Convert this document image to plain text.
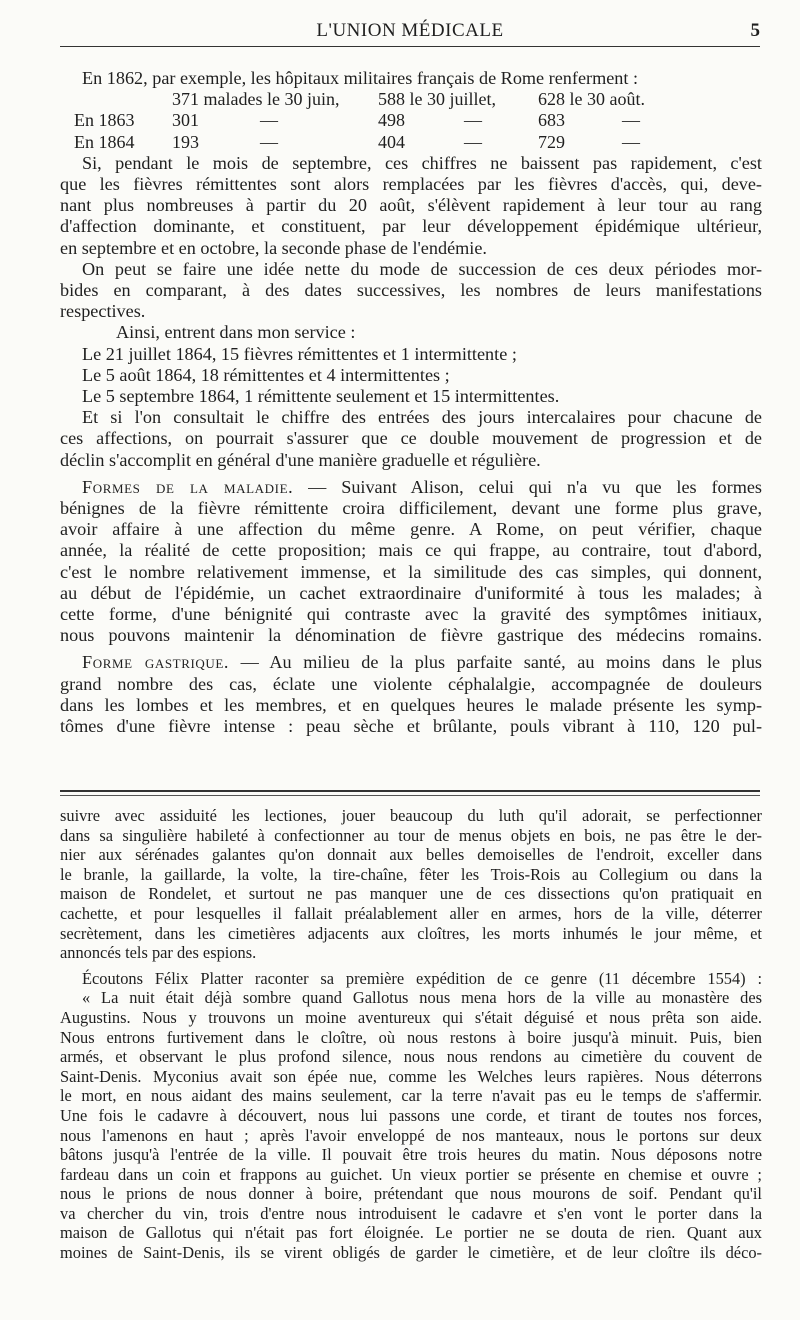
L'UNION MÉDICALE	5
En 1862, par exemple, les hôpitaux militaires français de Rome renferment :
371 malades le 30 juin, 588 le 30 juillet, 628 le 30 août.
En 1863 301	—	498	—	683	—
En 1864 193	—	404	—	729	—
Si, pendant le mois de septembre, ces chiffres ne baissent pas rapidement, c'est
que les fièvres rémittentes sont alors remplacées par les fièvres d'accès, qui, deve-
nant plus nombreuses à partir du 20 août, s'élèvent rapidement à leur tour au rang
d'affection dominante, et constituent, par leur développement épidémique ultérieur,
en septembre et en octobre, la seconde phase de l'endémie.
On peut se faire une idée nette du mode de succession de ces deux périodes mor-
bides en comparant, à des dates successives, les nombres de leurs manifestations
respectives.
Ainsi, entrent dans mon service :
Le 21 juillet 1864, 15 fièvres rémittentes et 1 intermittente ;
Le 5 août 1864, 18 rémittentes et 4 intermittentes ;
Le 5 septembre 1864, 1 rémittente seulement et 15 intermittentes.
Et si l'on consultait le chiffre des entrées des jours intercalaires pour chacune de
ces affections, on pourrait s'assurer que ce double mouvement de progression et de
déclin s'accomplit en général d'une manière graduelle et régulière.
Formes de la maladie. — Suivant Alison, celui qui n'a vu que les formes
bénignes de la fièvre rémittente croira difficilement, devant une forme plus grave,
avoir affaire à une affection du même genre. A Rome, on peut vérifier, chaque
année, la réalité de cette proposition; mais ce qui frappe, au contraire, tout d'abord,
c'est le nombre relativement immense, et la similitude des cas simples, qui donnent,
au début de l'épidémie, un cachet extraordinaire d'uniformité à tous les malades; à
cette forme, d'une bénignité qui contraste avec la gravité des symptômes initiaux,
nous pouvons maintenir la dénomination de fièvre gastrique des médecins romains.
Forme gastrique. — Au milieu de la plus parfaite santé, au moins dans le plus
grand nombre des cas, éclate une violente céphalalgie, accompagnée de douleurs
dans les lombes et les membres, et en quelques heures le malade présente les symp-
tômes d'une fièvre intense : peau sèche et brûlante, pouls vibrant à 110, 120 pul-
suivre avec assiduité les lectiones, jouer beaucoup du luth qu'il adorait, se perfectionner
dans sa singulière habileté à confectionner au tour de menus objets en bois, ne pas être le der-
nier aux sérénades galantes qu'on donnait aux belles demoiselles de l'endroit, exceller dans
le branle, la gaillarde, la volte, la tire-chaîne, fêter les Trois-Rois au Collegium ou dans la
maison de Rondelet, et surtout ne pas manquer une de ces dissections qu'on pratiquait en
cachette, et pour lesquelles il fallait préalablement aller en armes, hors de la ville, déterrer
secrètement, dans les cimetières adjacents aux cloîtres, les morts inhumés le jour même, et
annoncés tels par des espions.
Écoutons Félix Platter raconter sa première expédition de ce genre (11 décembre 1554) :
« La nuit était déjà sombre quand Gallotus nous mena hors de la ville au monastère des
Augustins. Nous y trouvons un moine aventureux qui s'était déguisé et nous prêta son aide.
Nous entrons furtivement dans le cloître, où nous restons à boire jusqu'à minuit. Puis, bien
armés, et observant le plus profond silence, nous nous rendons au cimetière du couvent de
Saint-Denis. Myconius avait son épée nue, comme les Welches leurs rapières. Nous déterrons
le mort, en nous aidant des mains seulement, car la terre n'avait pas eu le temps de s'affermir.
Une fois le cadavre à découvert, nous lui passons une corde, et tirant de toutes nos forces,
nous l'amenons en haut ; après l'avoir enveloppé de nos manteaux, nous le portons sur deux
bâtons jusqu'à l'entrée de la ville. Il pouvait être trois heures du matin. Nous déposons notre
fardeau dans un coin et frappons au guichet. Un vieux portier se présente en chemise et ouvre ;
nous le prions de nous donner à boire, prétendant que nous mourons de soif. Pendant qu'il
va chercher du vin, trois d'entre nous introduisent le cadavre et s'en vont le porter dans la
maison de Gallotus qui n'était pas fort éloignée. Le portier ne se douta de rien. Quant aux
moines de Saint-Denis, ils se virent obligés de garder le cimetière, et de leur cloître ils déco-
